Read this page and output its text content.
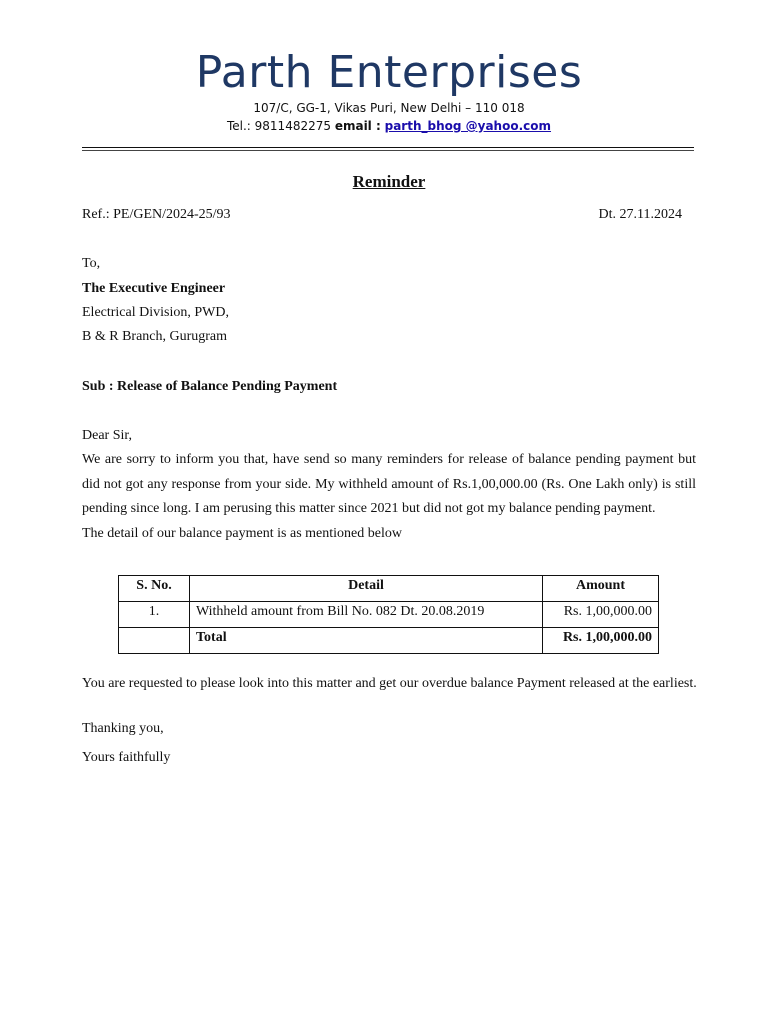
Parth Enterprises
107/C, GG-1, Vikas Puri, New Delhi – 110 018
Tel.: 9811482275 email : parth_bhog @yahoo.com
Reminder
Ref.: PE/GEN/2024-25/93	Dt. 27.11.2024
To,
The Executive Engineer
Electrical Division, PWD,
B & R Branch, Gurugram
Sub : Release of Balance Pending Payment
Dear Sir,
We are sorry to inform you that, have send so many reminders for release of balance pending payment but did not got any response from your side. My withheld amount of Rs.1,00,000.00 (Rs. One Lakh only) is still pending since long. I am perusing this matter since 2021 but did not got my balance pending payment.
The detail of our balance payment is as mentioned below
S. No.	Detail	Amount
1.	Withheld amount from Bill No. 082 Dt. 20.08.2019	Rs. 1,00,000.00
	Total	Rs. 1,00,000.00
You are requested to please look into this matter and get our overdue balance Payment released at the earliest.
Thanking you,
Yours faithfully
